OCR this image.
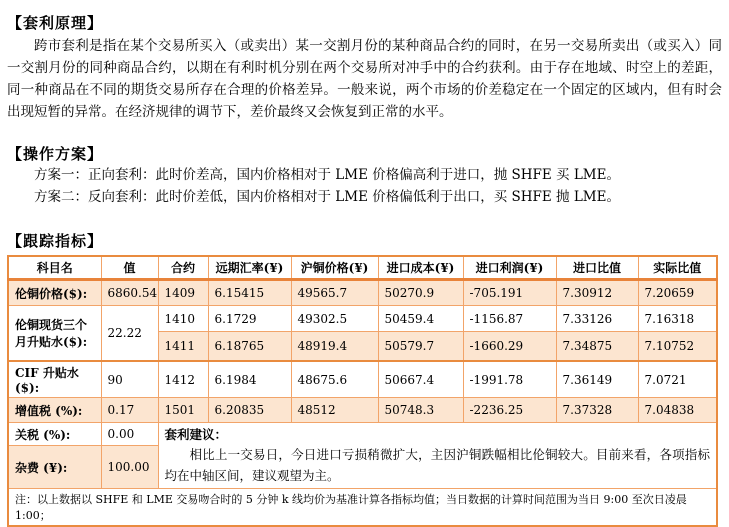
【套利原理】

跨市套利是指在某个交易所买入（或卖出）某一交割月份的某种商品合约的同时，在另一交易所卖出（或买入）同一交割月份的同种商品合约，以期在有利时机分别在两个交易所对冲手中的合约获利。由于存在地域、时空上的差距，同一种商品在不同的期货交易所存在合理的价格差异。一般来说，两个市场的价差稳定在一个固定的区域内，但有时会出现短暂的异常。在经济规律的调节下，差价最终又会恢复到正常的水平。

【操作方案】

方案一：正向套利：此时价差高，国内价格相对于 LME 价格偏高利于进口，抛 SHFE 买 LME。

方案二：反向套利：此时价差低，国内价格相对于 LME 价格偏低利于出口，买 SHFE 抛 LME。

【跟踪指标】
科目名	值	合约	远期汇率(¥)	沪铜价格(¥)	进口成本(¥)	进口利润(¥)	进口比值	实际比值
伦铜价格($):	6860.54	1409	6.15415	49565.7	50270.9	-705.191	7.30912	7.20659
伦铜现货三个月升贴水($):	22.22	1410	6.1729	49302.5	50459.4	-1156.87	7.33126	7.16318
		1411	6.18765	48919.4	50579.7	-1660.29	7.34875	7.10752
CIF 升贴水($):	90	1412	6.1984	48675.6	50667.4	-1991.78	7.36149	7.0721
增值税 (%):	0.17	1501	6.20835	48512	50748.3	-2236.25	7.37328	7.04838
关税 (%):	0.00	套利建议：

相比上一交易日，今日进口亏损稍微扩大，主因沪铜跌幅相比伦铜较大。目前来看，各项指标均在中轴区间，建议观望为主。						

杂费 (¥):	100.00							
注：以上数据以 SHFE 和 LME 交易吻合时的 5 分钟 k 线均价为基准计算各指标均值；当日数据的计算时间范围为当日 9:00 至次日凌晨 1:00；								
